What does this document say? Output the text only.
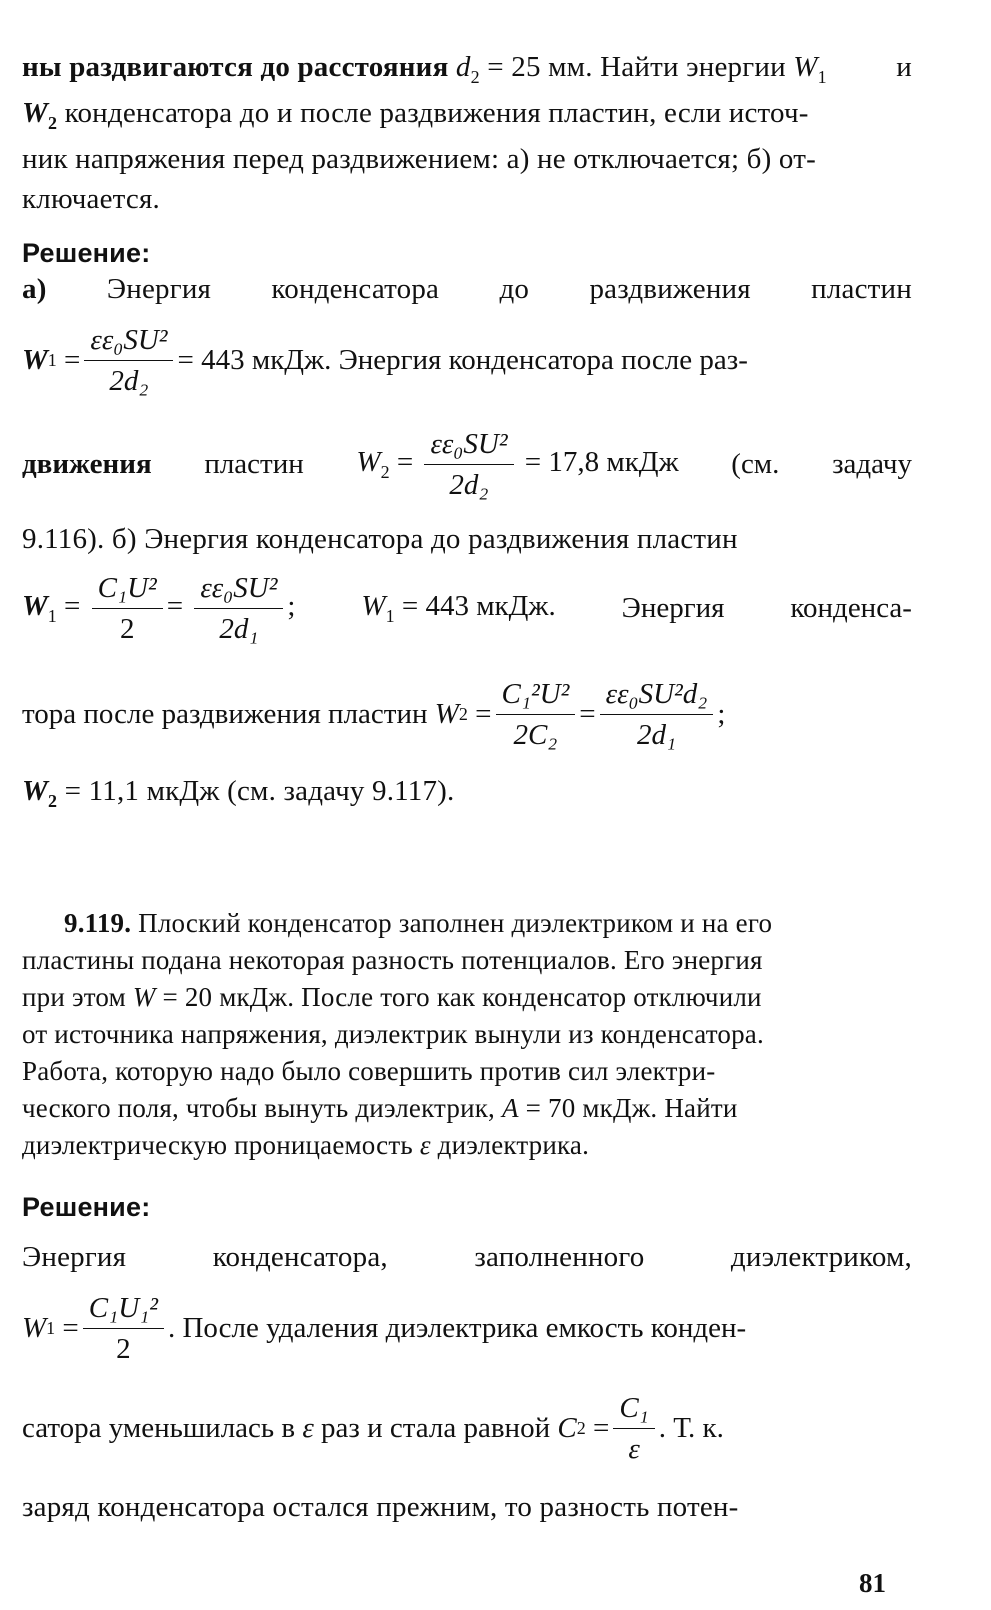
ны раздвигаются до расстояния $d_2 = 25$ мм. Найти энергии $W_1$ и
$W_2$ конденсатора до и после раздвижения пластин, если источ-
ник напряжения перед раздвижением: а) не отключается; б) от-
ключается.
Решение:
а) Энергия конденсатора до раздвижения пластин
W $1 = \frac{\text{εε₀SU²}}{\text{2d₂}} = 443$ мкДж. Энергия конденсатора после раз-
движения пластин $W_2 = \frac{\text{εε₀SU²}}{\text{2d₂}} = 17,8$ мкДж (см. задачу
9.116). б) Энергия конденсатора до раздвижения пластин
$W_1 = \frac{\text{C₁U²}}{2} = \frac{\text{εε₀SU²}}{\text{2d₁}}$ ; $W_1 = 443$ мкДж. Энергия конденса-
тора после раздвижения пластин
W $2 = \frac{\text{C₁²U²}}{\text{2C₂}} = \frac{\text{εε₀SU²d₂}}{\text{2d₁}}$ ;
$W_2 = 11,1$ мкДж (см. задачу 9.117).
9.119. Плоский конденсатор заполнен диэлектриком и на его
пластины подана некоторая разность потенциалов. Его энергия
при этом W = 20 мкДж. После того как конденсатор отключили
от источника напряжения, диэлектрик вынули из конденсатора.
Работа, которую надо было совершить против сил электри-
ческого поля, чтобы вынуть диэлектрик, A = 70 мкДж. Найти
диэлектрическую проницаемость ε диэлектрика.
Решение:
Энергия	конденсатора,	заполненного	диэлектриком,
W $1 = \frac{\text{C₁U₁²}}{2}$ . После удаления диэлектрика емкость конден-
сатора уменьшилась в
ε
раз и стала равной
C $2 = \frac{\text{C₁}}{\varepsilon}$ . Т. к.
заряд конденсатора остался прежним, то разность потен-
81
